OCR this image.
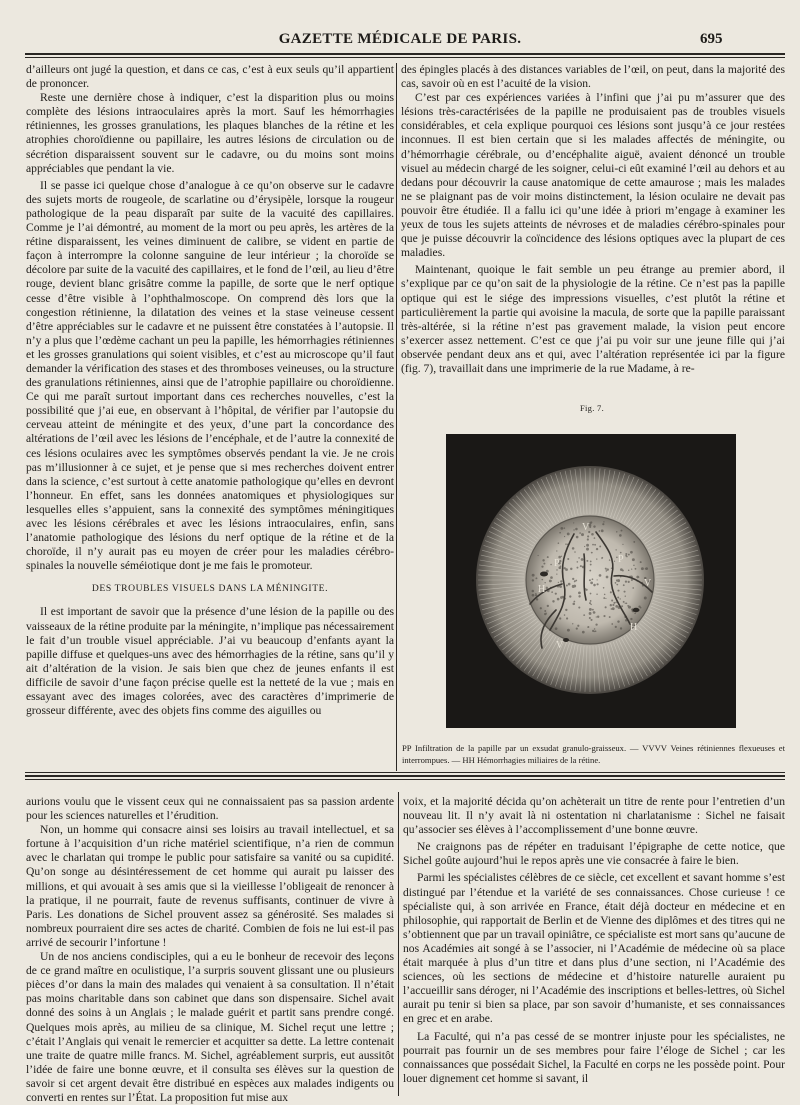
GAZETTE MÉDICALE DE PARIS.	695

d’ailleurs ont jugé la question, et dans ce cas, c’est à eux seuls qu’il appartient de prononcer.

Reste une dernière chose à indiquer, c’est la disparition plus ou moins complète des lésions intraoculaires après la mort. Sauf les hémorrhagies rétiniennes, les grosses granulations, les plaques blanches de la rétine et les atrophies choroïdienne ou papillaire, les autres lésions de circulation ou de sécrétion disparaissent souvent sur le cadavre, ou du moins sont moins appréciables que pendant la vie.

Il se passe ici quelque chose d’analogue à ce qu’on observe sur le cadavre des sujets morts de rougeole, de scarlatine ou d’érysipèle, lorsque la rougeur pathologique de la peau disparaît par suite de la vacuité des capillaires. Comme je l’ai démontré, au moment de la mort ou peu après, les artères de la rétine disparaissent, les veines diminuent de calibre, se vident en partie de façon à interrompre la colonne sanguine de leur intérieur ; la choroïde se décolore par suite de la vacuité des capillaires, et le fond de l’œil, au lieu d’être rouge, devient blanc grisâtre comme la papille, de sorte que le nerf optique cesse d’être visible à l’ophthalmoscope. On comprend dès lors que la congestion rétinienne, la dilatation des veines et la stase veineuse cessent d’être appréciables sur le cadavre et ne puissent être constatées à l’autopsie. Il n’y a plus que l’œdème cachant un peu la papille, les hémorrhagies rétiniennes et les grosses granulations qui soient visibles, et c’est au microscope qu’il faut demander la vérification des stases et des thromboses veineuses, ou la structure des granulations rétiniennes, ainsi que de l’atrophie papillaire ou choroïdienne. Ce qui me paraît surtout important dans ces recherches nouvelles, c’est la possibilité que j’ai eue, en observant à l’hôpital, de vérifier par l’autopsie du cerveau atteint de méningite et des yeux, d’une part la concordance des altérations de l’œil avec les lésions de l’encéphale, et de l’autre la connexité de ces lésions oculaires avec les symptômes observés pendant la vie. Je ne crois pas m’illusionner à ce sujet, et je pense que si mes recherches doivent entrer dans la science, c’est surtout à cette anatomie pathologique qu’elles en devront l’honneur. En effet, sans les données anatomiques et physiologiques sur lesquelles elles s’appuient, sans la connexité des symptômes méningitiques avec les lésions cérébrales et avec les lésions intraoculaires, enfin, sans l’anatomie pathologique des lésions du nerf optique de la rétine et de la choroïde, il n’y aurait pas eu moyen de créer pour les maladies cérébro-spinales la nouvelle séméiotique dont je me fais le promoteur.

DES TROUBLES VISUELS DANS LA MÉNINGITE.

Il est important de savoir que la présence d’une lésion de la papille ou des vaisseaux de la rétine produite par la méningite, n’implique pas nécessairement le fait d’un trouble visuel appréciable. J’ai vu beaucoup d’enfants ayant la papille diffuse et quelques-uns avec des hémorrhagies de la rétine, sans qu’il y ait d’altération de la vision. Je sais bien que chez de jeunes enfants il est difficile de savoir d’une façon précise quelle est la netteté de la vue ; mais en essayant avec des images colorées, avec des caractères d’imprimerie de grosseur différente, avec des objets fins comme des aiguilles ou

des épingles placés à des distances variables de l’œil, on peut, dans la majorité des cas, savoir où en est l’acuité de la vision.

C’est par ces expériences variées à l’infini que j’ai pu m’assurer que des lésions très-caractérisées de la papille ne produisaient pas de troubles visuels considérables, et cela explique pourquoi ces lésions sont jusqu’à ce jour restées inconnues. Il est bien certain que si les malades affectés de méningite, ou d’hémorrhagie cérébrale, ou d’encéphalite aiguë, avaient dénoncé un trouble visuel au médecin chargé de les soigner, celui-ci eût examiné l’œil au dehors et au dedans pour découvrir la cause anatomique de cette amaurose ; mais les malades ne se plaignant pas de voir moins distinctement, la lésion oculaire ne devait pas pouvoir être étudiée. Il a fallu ici qu’une idée à priori m’engage à examiner les yeux de tous les sujets atteints de névroses et de maladies cérébro-spinales pour que je puisse découvrir la coïncidence des lésions optiques avec la plupart de ces maladies.

Maintenant, quoique le fait semble un peu étrange au premier abord, il s’explique par ce qu’on sait de la physiologie de la rétine. Ce n’est pas la papille optique qui est le siége des impressions visuelles, c’est plutôt la rétine et particulièrement la partie qui avoisine la macula, de sorte que la papille paraissant très-altérée, si la rétine n’est pas gravement malade, la vision peut encore s’exercer assez nettement. C’est ce que j’ai pu voir sur une jeune fille qui j’ai observée pendant deux ans et qui, avec l’altération représentée ici par la figure (fig. 7), travaillait dans une imprimerie de la rue Madame, à re-

Fig. 7.
V
P	P
H
V
V
H
PP Infiltration de la papille par un exsudat granulo-graisseux. — VVVV Veines rétiniennes flexueuses et interrompues. — HH Hémorrhagies miliaires de la rétine.

aurions voulu que le vissent ceux qui ne connaissaient pas sa passion ardente pour les sciences naturelles et l’érudition.

Non, un homme qui consacre ainsi ses loisirs au travail intellectuel, et sa fortune à l’acquisition d’un riche matériel scientifique, n’a rien de commun avec le charlatan qui trompe le public pour satisfaire sa vanité ou sa cupidité. Qu’on songe au désintéressement de cet homme qui aurait pu laisser des millions, et qui avouait à ses amis que si la vieillesse l’obligeait de renoncer à la pratique, il ne pourrait, faute de revenus suffisants, continuer de vivre à Paris. Les donations de Sichel prouvent assez sa générosité. Ses malades si nombreux pourraient dire ses actes de charité. Combien de fois ne lui est-il pas arrivé de secourir l’infortune !

Un de nos anciens condisciples, qui a eu le bonheur de recevoir des leçons de ce grand maître en oculistique, l’a surpris souvent glissant une ou plusieurs pièces d’or dans la main des malades qui venaient à sa consultation. Il n’était pas moins charitable dans son cabinet que dans son dispensaire. Sichel avait donné des soins à un Anglais ; le malade guérit et partit sans prendre congé. Quelques mois après, au milieu de sa clinique, M. Sichel reçut une lettre ; c’était l’Anglais qui venait le remercier et acquitter sa dette. La lettre contenait une traite de quatre mille francs. M. Sichel, agréablement surpris, eut aussitôt l’idée de faire une bonne œuvre, et il consulta ses élèves sur la question de savoir si cet argent devait être distribué en espèces aux malades indigents ou converti en rentes sur l’État. La proposition fut mise aux

voix, et la majorité décida qu’on achèterait un titre de rente pour l’entretien d’un nouveau lit. Il n’y avait là ni ostentation ni charlatanisme : Sichel ne faisait qu’associer ses élèves à l’accomplissement d’une bonne œuvre.

Ne craignons pas de répéter en traduisant l’épigraphe de cette notice, que Sichel goûte aujourd’hui le repos après une vie consacrée à faire le bien.

Parmi les spécialistes célèbres de ce siècle, cet excellent et savant homme s’est distingué par l’étendue et la variété de ses connaissances. Chose curieuse ! ce spécialiste qui, à son arrivée en France, était déjà docteur en médecine et en philosophie, qui rapportait de Berlin et de Vienne des diplômes et des titres qui ne s’obtiennent que par un travail opiniâtre, ce spécialiste est mort sans qu’aucune de nos Académies ait songé à se l’associer, ni l’Académie de médecine où sa place était marquée à plus d’un titre et dans plus d’une section, ni l’Académie des sciences, où les sections de médecine et d’histoire naturelle auraient pu l’accueillir sans déroger, ni l’Académie des inscriptions et belles-lettres, où Sichel aurait pu tenir si bien sa place, par son savoir d’humaniste, et ses connaissances en grec et en arabe.

La Faculté, qui n’a pas cessé de se montrer injuste pour les spécialistes, ne pourrait pas fournir un de ses membres pour faire l’éloge de Sichel ; car les connaissances que possédait Sichel, la Faculté en corps ne les possède point. Pour louer dignement cet homme si savant, il
